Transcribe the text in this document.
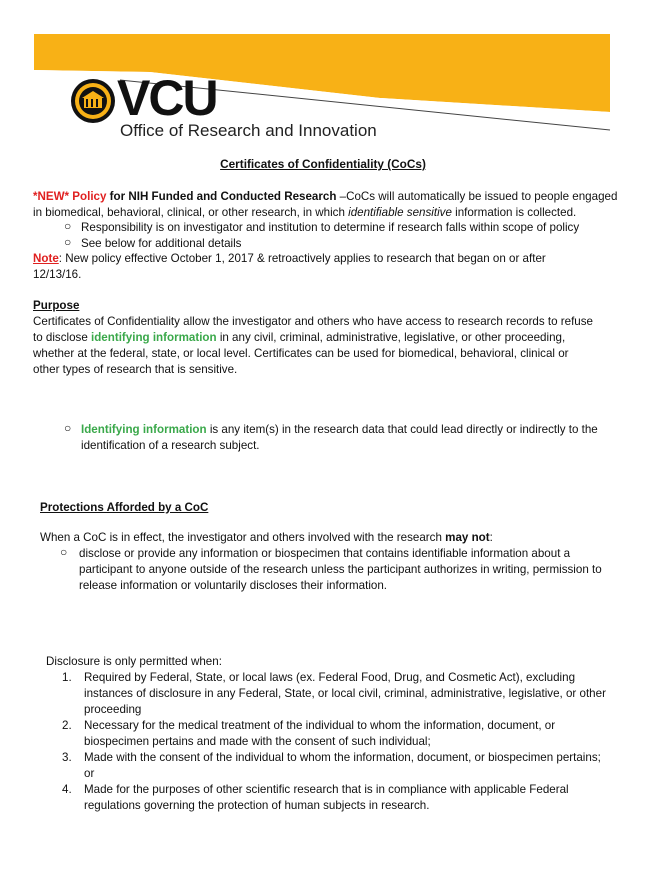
VCU
Office of Research and Innovation
Certificates of Confidentiality (CoCs)
*NEW* Policy for NIH Funded and Conducted Research –CoCs will automatically be issued to people engaged
in biomedical, behavioral, clinical, or other research, in which identifiable sensitive information is collected.
○ Responsibility is on investigator and institution to determine if research falls within scope of policy
○ See below for additional details
Note: New policy effective October 1, 2017 & retroactively applies to research that began on or after
12/13/16.
Purpose
Certificates of Confidentiality allow the investigator and others who have access to research records to refuse
to disclose identifying information in any civil, criminal, administrative, legislative, or other proceeding,
whether at the federal, state, or local level. Certificates can be used for biomedical, behavioral, clinical or
other types of research that is sensitive.
○ Identifying information is any item(s) in the research data that could lead directly or indirectly to the
identification of a research subject.
Protections Afforded by a CoC
When a CoC is in effect, the investigator and others involved with the research may not:
○ disclose or provide any information or biospecimen that contains identifiable information about a
participant to anyone outside of the research unless the participant authorizes in writing, permission to
release information or voluntarily discloses their information.
Disclosure is only permitted when:
1. Required by Federal, State, or local laws (ex. Federal Food, Drug, and Cosmetic Act), excluding
instances of disclosure in any Federal, State, or local civil, criminal, administrative, legislative, or other
proceeding
2. Necessary for the medical treatment of the individual to whom the information, document, or
biospecimen pertains and made with the consent of such individual;
3. Made with the consent of the individual to whom the information, document, or biospecimen pertains;
or
4. Made for the purposes of other scientific research that is in compliance with applicable Federal
regulations governing the protection of human subjects in research.
